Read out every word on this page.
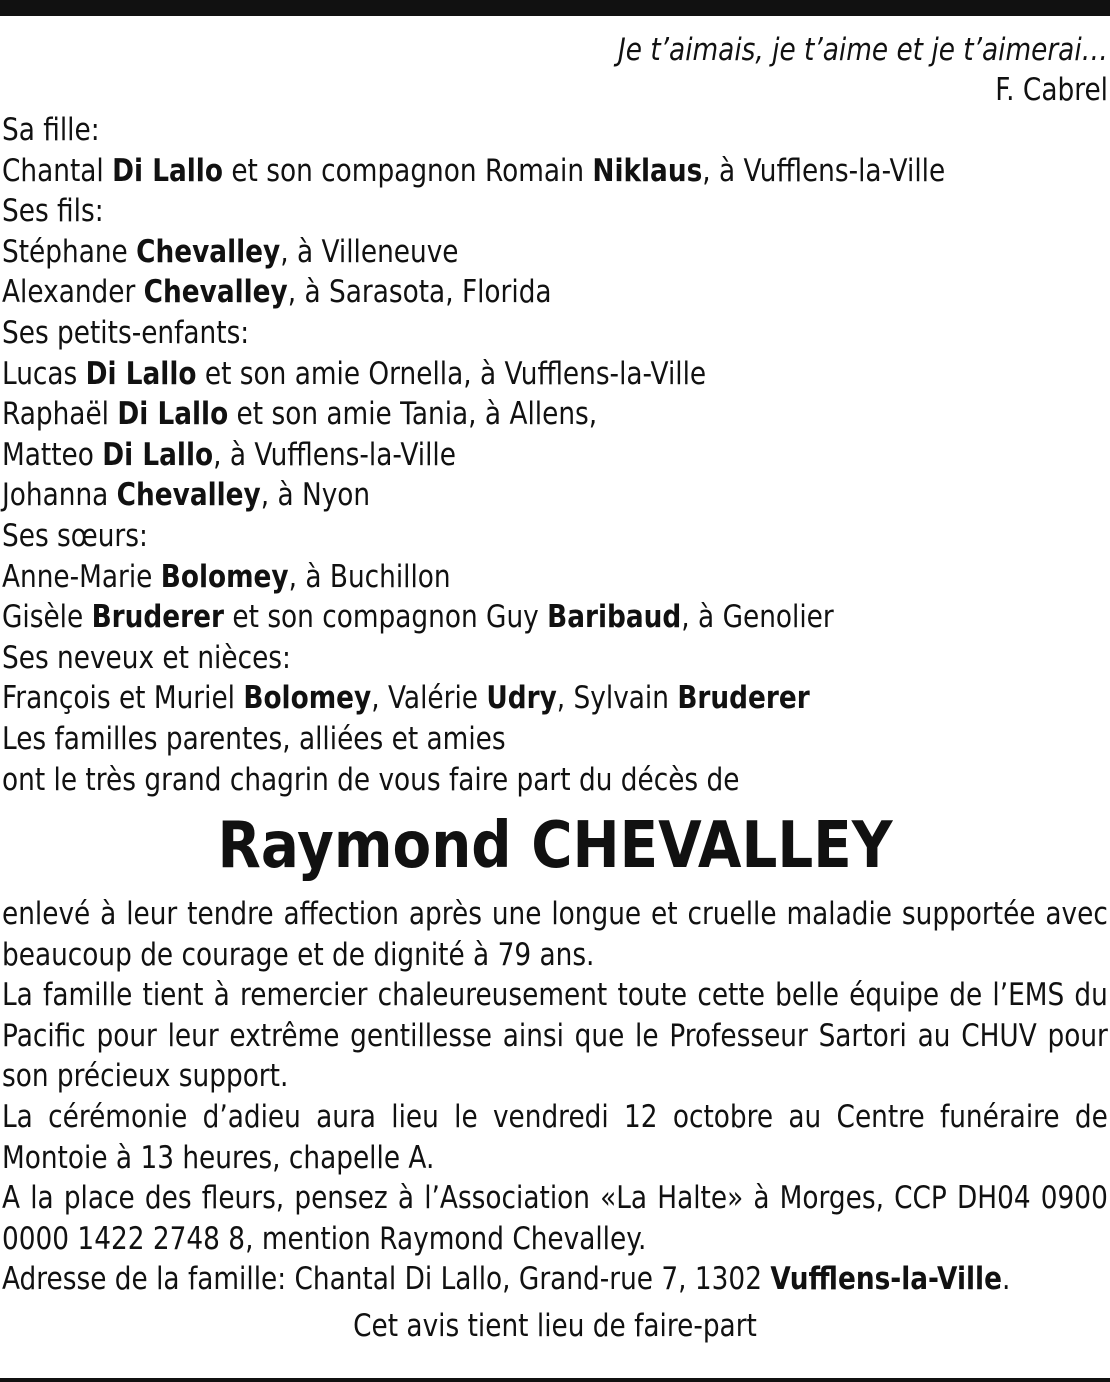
Je t’aimais, je t’aime et je t’aimerai…
F. Cabrel
Sa fille:
Chantal Di Lallo et son compagnon Romain Niklaus, à Vufflens-la-Ville
Ses fils:
Stéphane Chevalley, à Villeneuve
Alexander Chevalley, à Sarasota, Florida
Ses petits-enfants:
Lucas Di Lallo et son amie Ornella, à Vufflens-la-Ville
Raphaël Di Lallo et son amie Tania, à Allens,
Matteo Di Lallo, à Vufflens-la-Ville
Johanna Chevalley, à Nyon
Ses sœurs:
Anne-Marie Bolomey, à Buchillon
Gisèle Bruderer et son compagnon Guy Baribaud, à Genolier
Ses neveux et nièces:
François et Muriel Bolomey, Valérie Udry, Sylvain Bruderer
Les familles parentes, alliées et amies
ont le très grand chagrin de vous faire part du décès de
Raymond CHEVALLEY
enlevé à leur tendre affection après une longue et cruelle maladie supportée avec beaucoup de courage et de dignité à 79 ans.
La famille tient à remercier chaleureusement toute cette belle équipe de l’EMS du Pacific pour leur extrême gentillesse ainsi que le Professeur Sartori au CHUV pour son précieux support.
La cérémonie d’adieu aura lieu le vendredi 12 octobre au Centre funéraire de Montoie à 13 heures, chapelle A.
A la place des fleurs, pensez à l’Association «La Halte» à Morges, CCP DH04 0900 0000 1422 2748 8, mention Raymond Chevalley.
Adresse de la famille: Chantal Di Lallo, Grand-rue 7, 1302 Vufflens-la-Ville.
Cet avis tient lieu de faire-part
